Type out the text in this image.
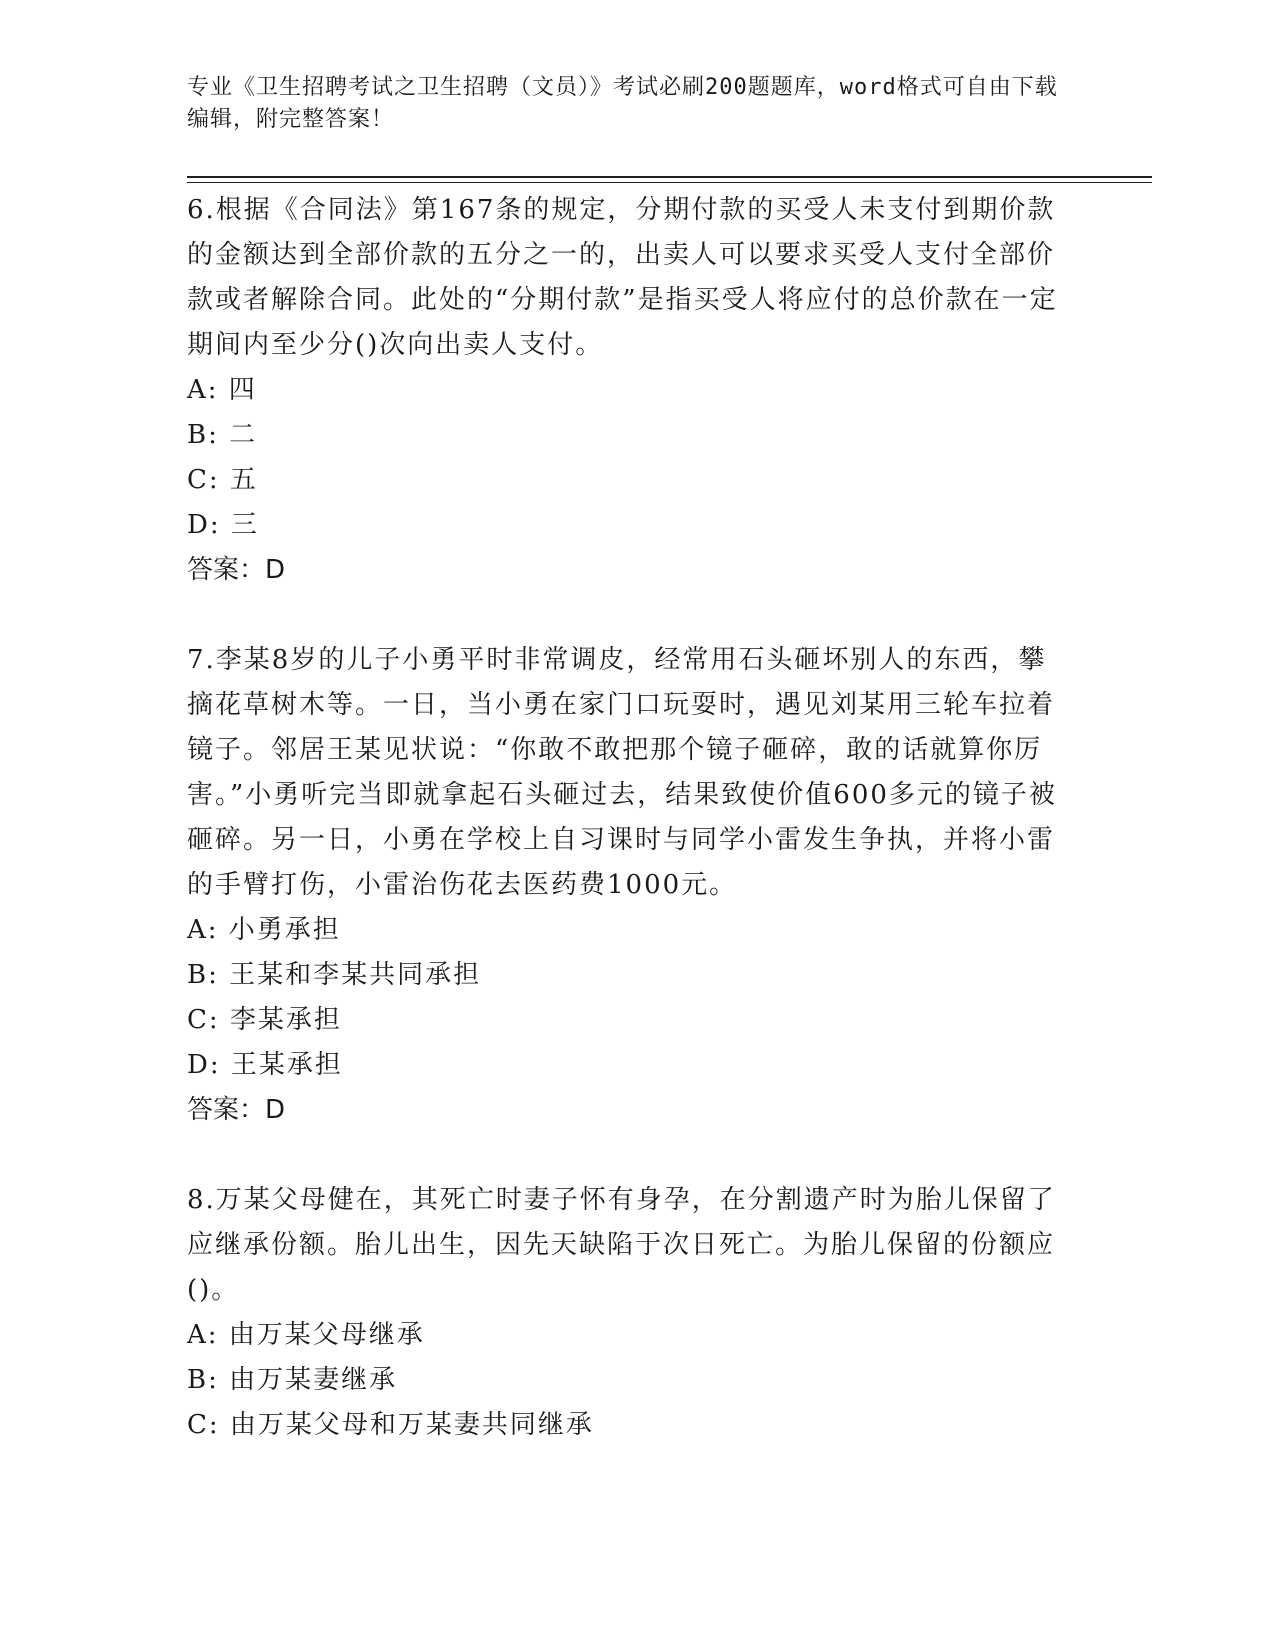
专业《卫生招聘考试之卫生招聘（文员）》考试必刷200题题库，word格式可自由下载编辑，附完整答案！

6.根据《合同法》第167条的规定，分期付款的买受人未支付到期价款的金额达到全部价款的五分之一的，出卖人可以要求买受人支付全部价款或者解除合同。此处的“分期付款”是指买受人将应付的总价款在一定期间内至少分()次向出卖人支付。

A: 四

B: 二

C: 五

D: 三

答案：D

7.李某8岁的儿子小勇平时非常调皮，经常用石头砸坏别人的东西，攀摘花草树木等。一日，当小勇在家门口玩耍时，遇见刘某用三轮车拉着镜子。邻居王某见状说：“你敢不敢把那个镜子砸碎，敢的话就算你厉害。”小勇听完当即就拿起石头砸过去，结果致使价值600多元的镜子被砸碎。另一日，小勇在学校上自习课时与同学小雷发生争执，并将小雷的手臂打伤，小雷治伤花去医药费1000元。

A: 小勇承担

B: 王某和李某共同承担

C: 李某承担

D: 王某承担

答案：D

8.万某父母健在，其死亡时妻子怀有身孕，在分割遗产时为胎儿保留了应继承份额。胎儿出生，因先天缺陷于次日死亡。为胎儿保留的份额应()。

A: 由万某父母继承

B: 由万某妻继承

C: 由万某父母和万某妻共同继承
